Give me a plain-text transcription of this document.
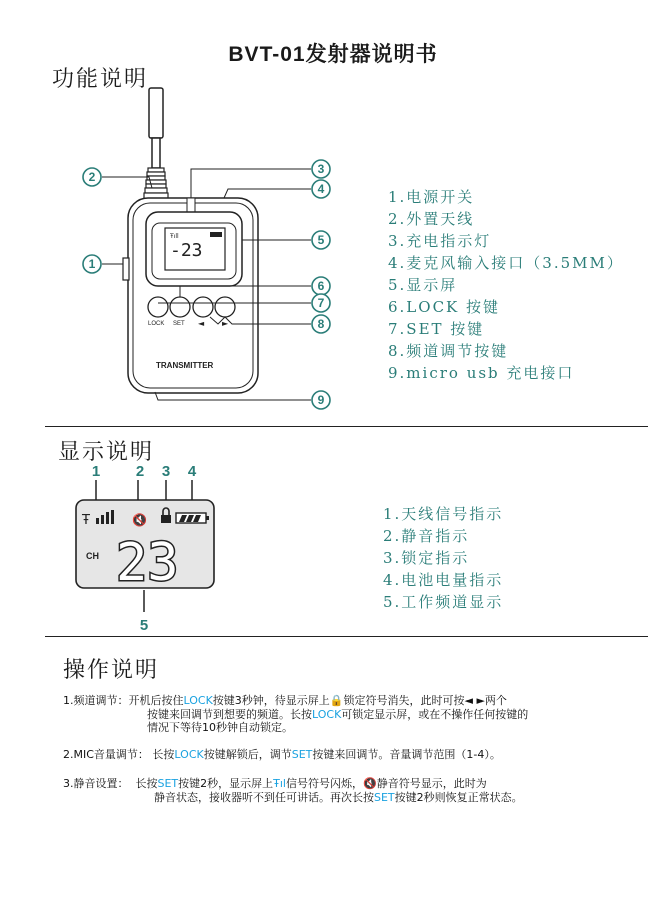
BVT-01发射器说明书
功能说明
Ŧıll
-23
LOCK SET ◄ ►
TRANSMITTER
2
1
3
4
5
6
7
8
9
1.电源开关
2.外置天线
3.充电指示灯
4.麦克风输入接口（3.5MM）
5.显示屏
6.LOCK 按键
7.SET 按键
8.频道调节按键
9.micro usb 充电接口
显示说明
1 2 3 4
5
Ŧ	🔇
CH 23
1.天线信号指示
2.静音指示
3.锁定指示
4.电池电量指示
5.工作频道显示
操作说明
1.频道调节：开机后按住LOCK按键3秒钟，待显示屏上🔒锁定符号消失，此时可按◄ ►两个
按键来回调节到想要的频道。长按LOCK可锁定显示屏，或在不操作任何按键的
情况下等待10秒钟自动锁定。
2.MIC音量调节： 长按LOCK按键解锁后，调节SET按键来回调节。音量调节范围（1-4）。
3.静音设置： 长按SET按键2秒，显示屏上Ŧıl信号符号闪烁，🔇静音符号显示，此时为
静音状态，接收器听不到任可讲话。再次长按SET按键2秒则恢复正常状态。
